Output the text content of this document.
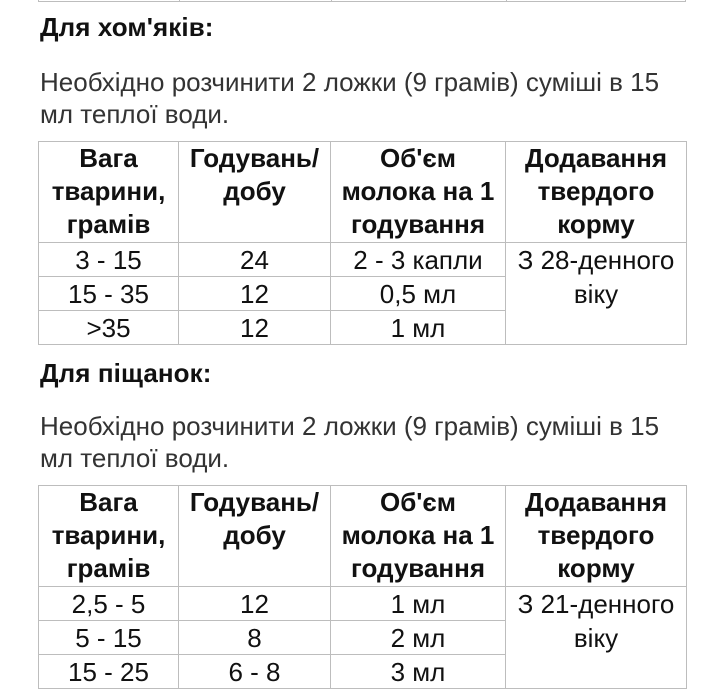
Для хом'яків:

Необхідно розчинити 2 ложки (9 грамів) суміші в 15 мл теплої води.

Вага тварини, грамів	Годувань/ добу	Об'єм молока на 1 годування	Додавання твердого корму
3 - 15	24	2 - 3 капли	З 28-денного віку
15 - 35	12	0,5 мл	
>35	12	1 мл	
Для піщанок:

Необхідно розчинити 2 ложки (9 грамів) суміші в 15 мл теплої води.

Вага тварини, грамів	Годувань/ добу	Об'єм молока на 1 годування	Додавання твердого корму
2,5 - 5	12	1 мл	З 21-денного віку
5 - 15	8	2 мл	
15 - 25	6 - 8	3 мл	
